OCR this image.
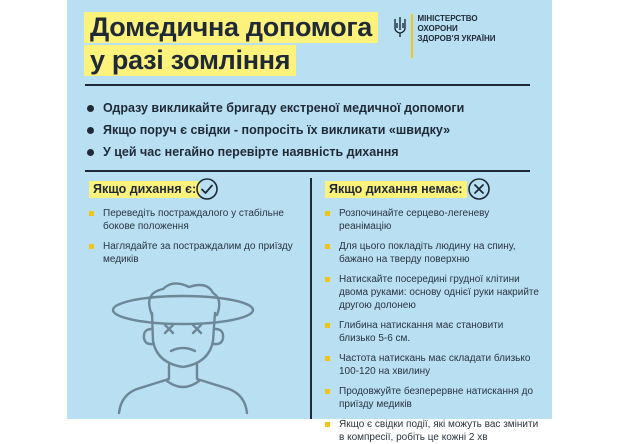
Домедична допомога
у разі зомління
МІНІСТЕРСТВО ОХОРОНИ ЗДОРОВ'Я УКРАЇНИ
Одразу викликайте бригаду екстреної медичної допомоги
Якщо поруч є свідки - попросіть їх викликати «швидку»
У цей час негайно перевірте наявність дихання
Якщо дихання є:
Переведіть постраждалого у стабільне бокове положення
Наглядайте за постраждалим до приїзду медиків
Якщо дихання немає:
Розпочинайте серцево-легеневу реанімацію
Для цього покладіть людину на спину, бажано на тверду поверхню
Натискайте посередині грудної клітини двома руками: основу однієї руки накрийте другою долонею
Глибина натискання має становити близько 5-6 см.
Частота натискань має складати близько 100-120 на хвилину
Продовжуйте безперервне натискання до приїзду медиків
Якщо є свідки події, які можуть вас змінити в компресії, робіть це кожні 2 хв
